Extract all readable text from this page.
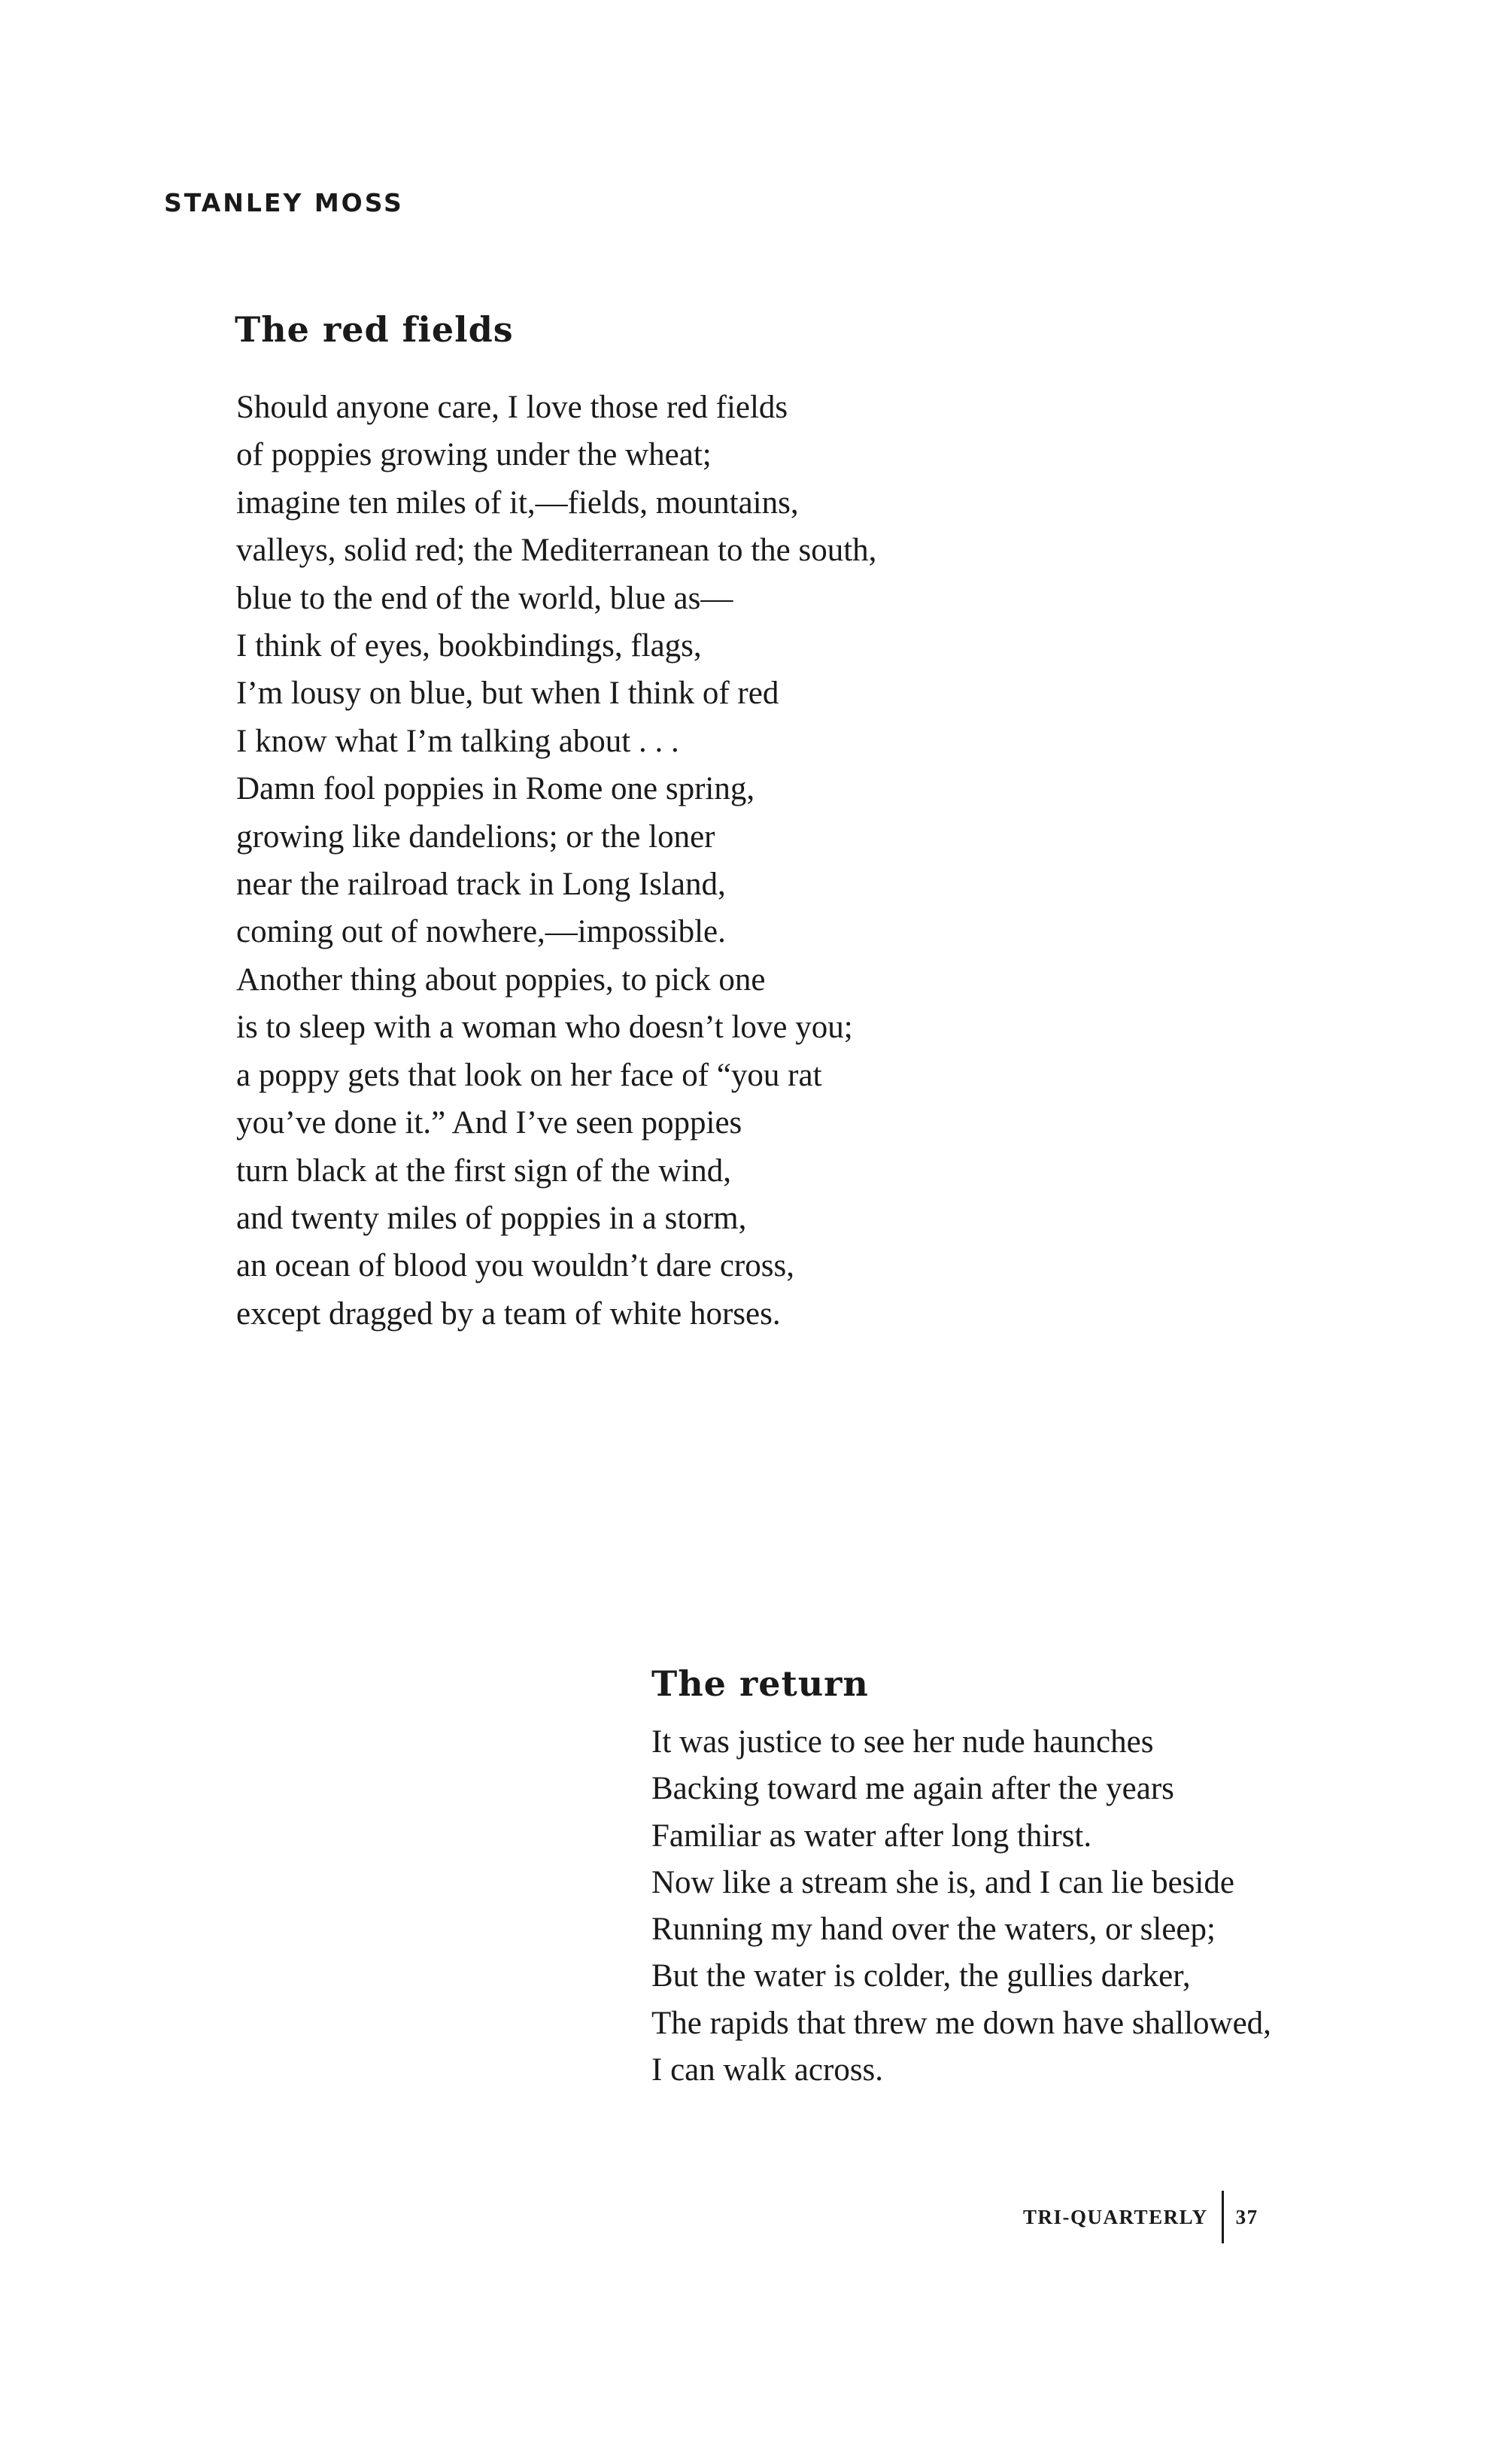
STANLEY MOSS
The red fields
Should anyone care, I love those red fields
of poppies growing under the wheat;
imagine ten miles of it,—fields, mountains,
valleys, solid red; the Mediterranean to the south,
blue to the end of the world, blue as—
I think of eyes, bookbindings, flags,
I’m lousy on blue, but when I think of red
I know what I’m talking about . . .
Damn fool poppies in Rome one spring,
growing like dandelions; or the loner
near the railroad track in Long Island,
coming out of nowhere,—impossible.
Another thing about poppies, to pick one
is to sleep with a woman who doesn’t love you;
a poppy gets that look on her face of “you rat
you’ve done it.” And I’ve seen poppies
turn black at the first sign of the wind,
and twenty miles of poppies in a storm,
an ocean of blood you wouldn’t dare cross,
except dragged by a team of white horses.
The return
It was justice to see her nude haunches
Backing toward me again after the years
Familiar as water after long thirst.
Now like a stream she is, and I can lie beside
Running my hand over the waters, or sleep;
But the water is colder, the gullies darker,
The rapids that threw me down have shallowed,
I can walk across.
TRI-QUARTERLY 37
